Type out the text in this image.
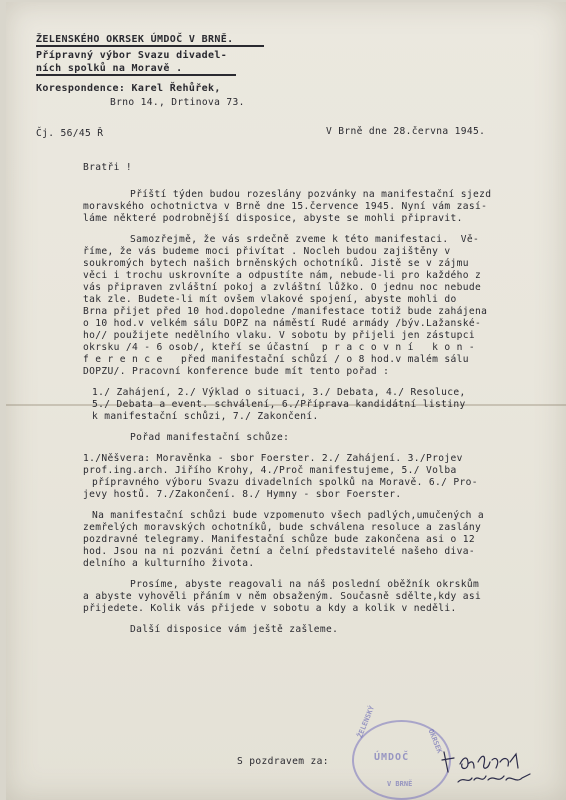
ŽELENSKÉHO OKRSEK ÚMDOČ V BRNĚ.
Přípravný výbor Svazu divadel-
ních spolků na Moravě .
Korespondence: Karel Řehůřek,
Brno 14., Drtinova 73.
Čj. 56/45 Ř	V Brně dne 28.června 1945.
Bratři !
Příští týden budou rozeslány pozvánky na manifestační sjezd
moravského ochotnictva v Brně dne 15.července 1945. Nyní vám zasí-
láme některé podrobnější disposice, abyste se mohli připravit.
Samozřejmě, že vás srdečně zveme k této manifestaci.  Vě-
říme, že vás budeme moci přivítat . Nocleh budou zajištěny v
soukromých bytech našich brněnských ochotníků. Jistě se v zájmu
věci i trochu uskrovníte a odpustíte nám, nebude-li pro každého z
vás připraven zvláštní pokoj a zvláštní lůžko. O jednu noc nebude
tak zle. Budete-li mít ovšem vlakové spojení, abyste mohli do
Brna přijet před 10 hod.dopoledne /manifestace totiž bude zahájena
o 10 hod.v velkém sálu DOPZ na náměstí Rudé armády /býv.Lažanské-
ho// použijete nedělního vlaku. V sobotu by přijeli jen zástupci
okrsku /4 - 6 osob/, kteří se účastní  p r a c o v n í   k o n -
f e r e n c e   před manifestační schůzí / o 8 hod.v malém sálu
DOPZU/. Pracovní konference bude mít tento pořad :
1./ Zahájení, 2./ Výklad o situaci, 3./ Debata, 4./ Resoluce,
5./ Debata a event. schválení, 6./Příprava kandidátní listiny
k manifestační schůzi, 7./ Zakončení.
Pořad manifestační schůze:
1./Něšvera: Moravěnka - sbor Foerster. 2./ Zahájení. 3./Projev
prof.ing.arch. Jiřího Krohy, 4./Proč manifestujeme, 5./ Volba
přípravného výboru Svazu divadelních spolků na Moravě. 6./ Pro-
jevy hostů. 7./Zakončení. 8./ Hymny - sbor Foerster.
Na manifestační schůzi bude vzpomenuto všech padlých,umučených a
zemřelých moravských ochotníků, bude schválena resoluce a zaslány
pozdravné telegramy. Manifestační schůze bude zakončena asi o 12
hod. Jsou na ni pozváni četní a čelní představitelé našeho diva-
delního a kulturního života.
Prosíme, abyste reagovali na náš poslední oběžník okrskům
a abyste vyhověli přáním v něm obsaženým. Současně sdělte,kdy asi
přijedete. Kolik vás přijede v sobotu a kdy a kolik v neděli.
Další disposice vám ještě zašleme.
S pozdravem za:
ŽELENSKÝ
OKRSEK
ÚMDOČ
V BRNĚ
